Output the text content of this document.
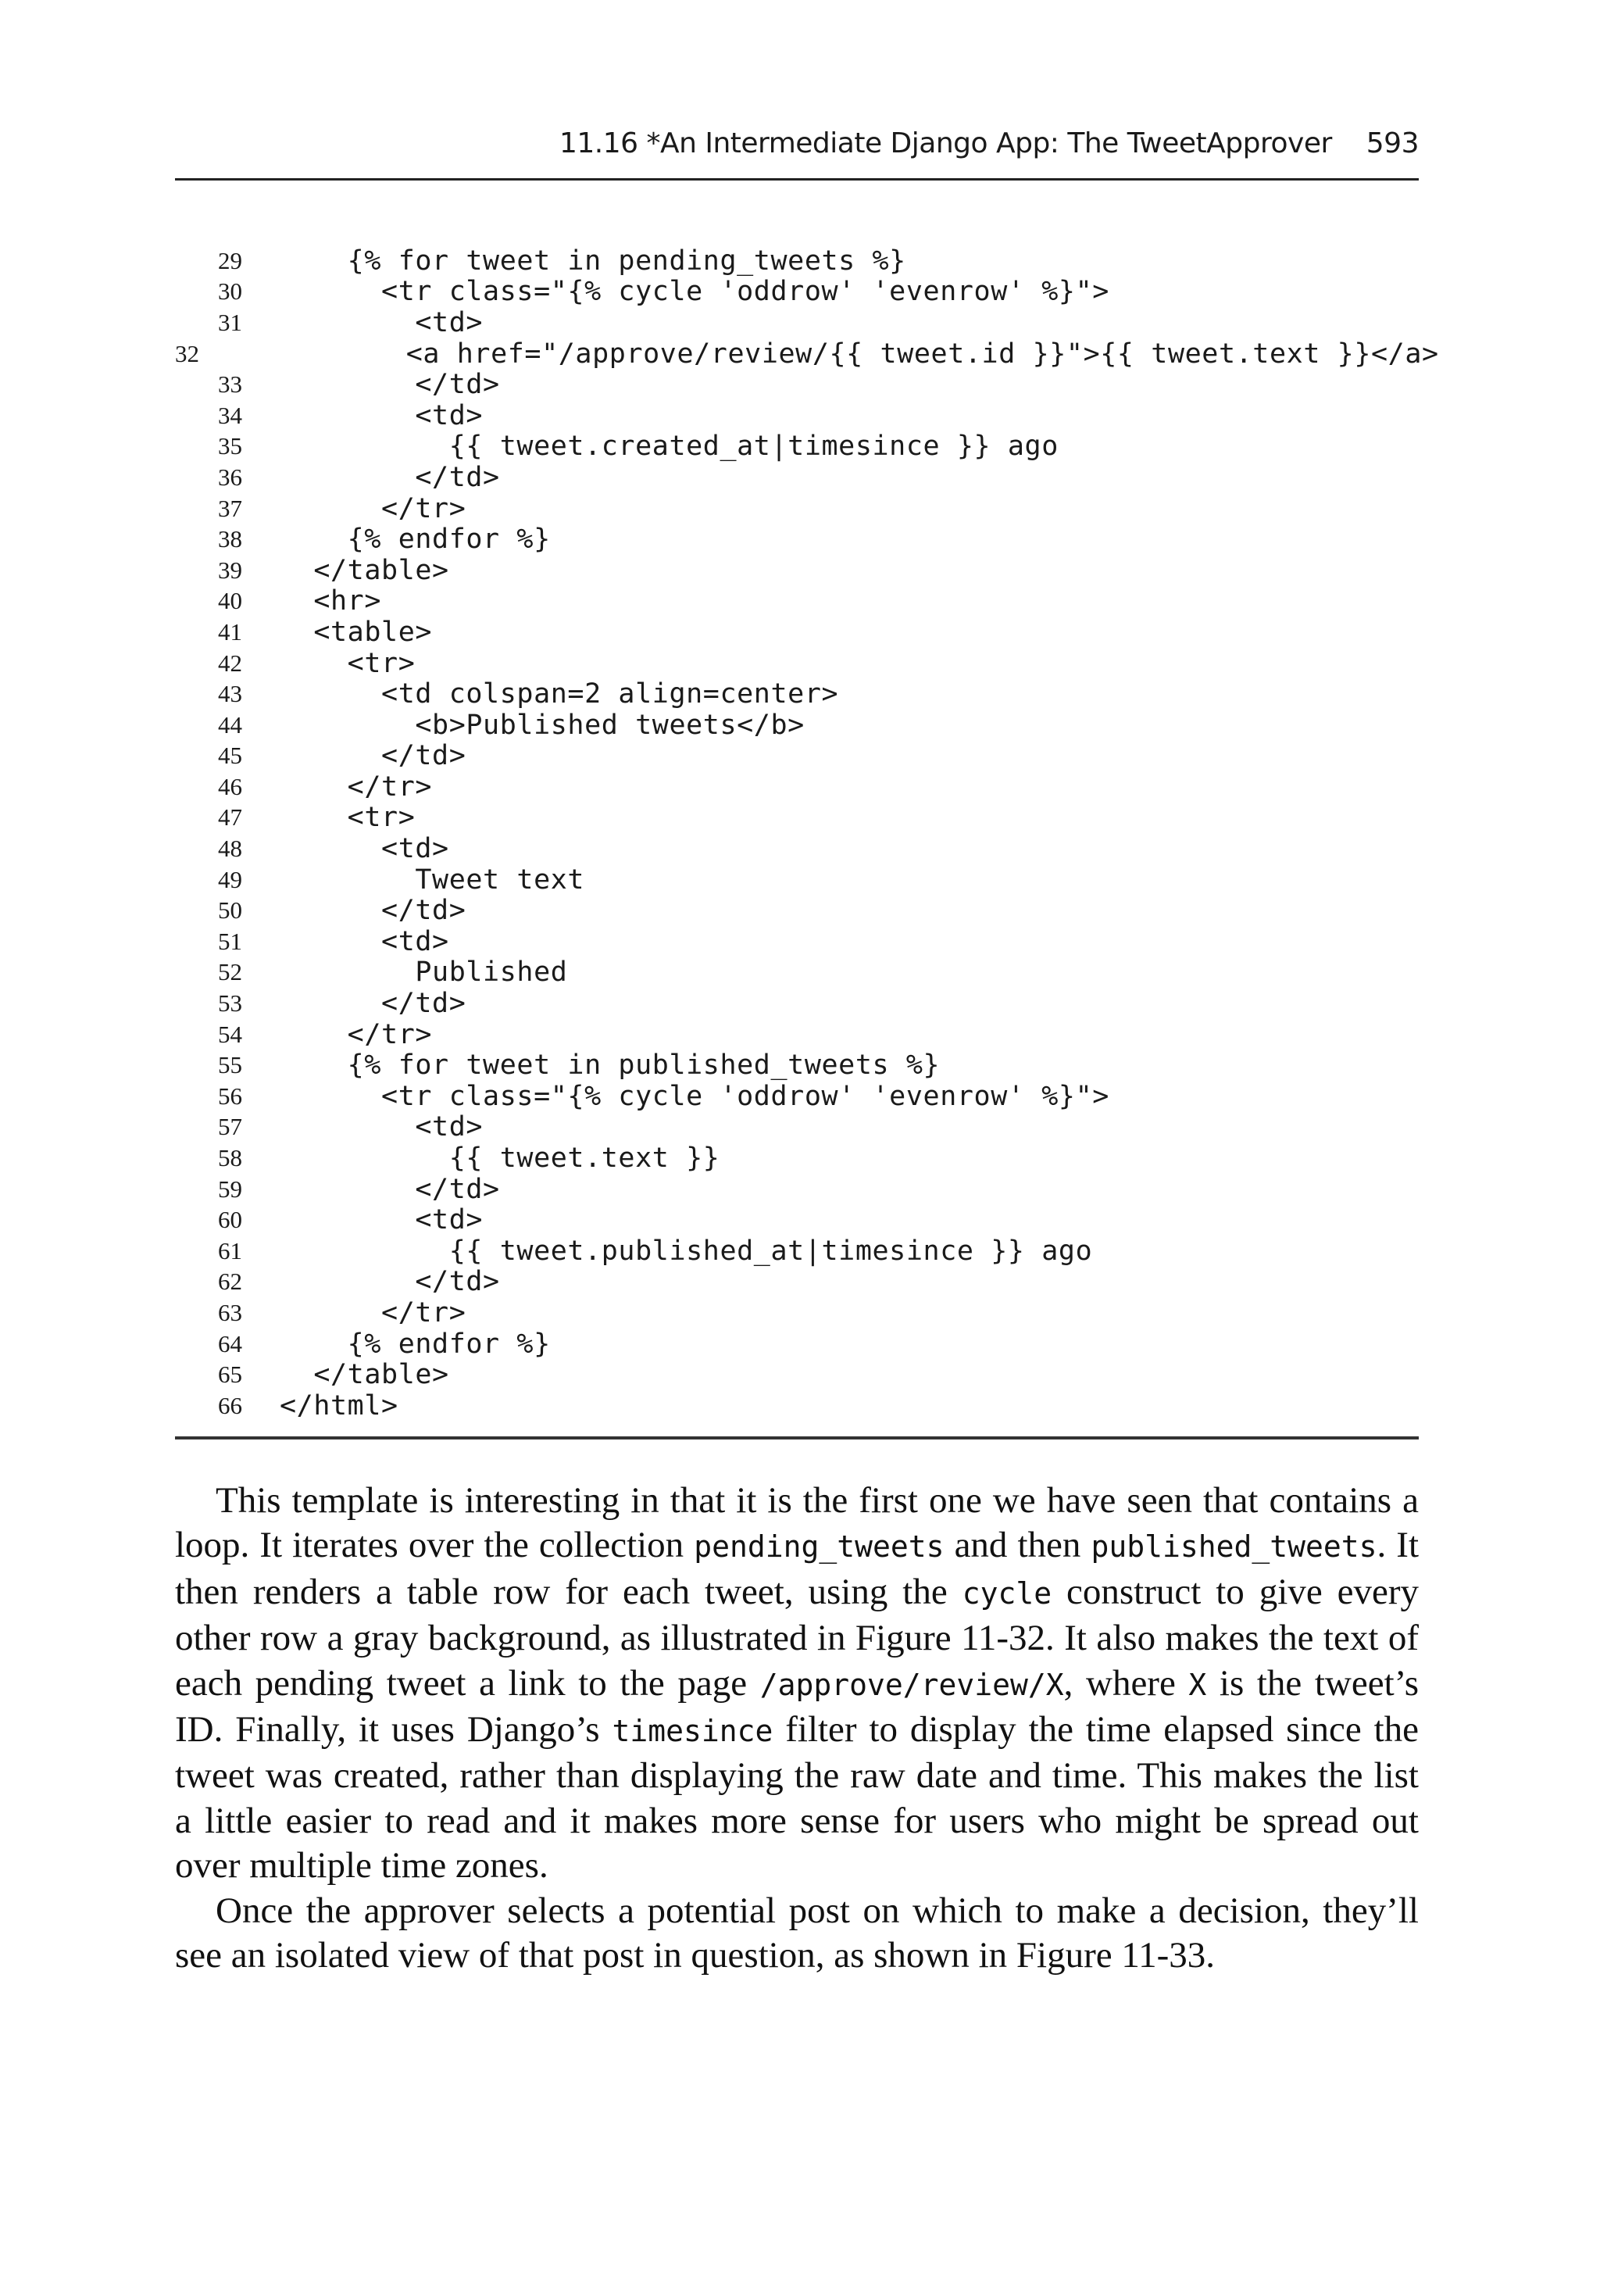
11.16 *An Intermediate Django App: The TweetApprover 593
29 {% for tweet in pending_tweets %}
30 <tr class="{% cycle 'oddrow' 'evenrow' %}">
31 <td>
32 <a href="/approve/review/{{ tweet.id }}">{{ tweet.text }}</a>
33 </td>
34 <td>
35 {{ tweet.created_at|timesince }} ago
36 </td>
37 </tr>
38 {% endfor %}
39 </table>
40 <hr>
41 <table>
42 <tr>
43 <td colspan=2 align=center>
44 <b>Published tweets</b>
45 </td>
46 </tr>
47 <tr>
48 <td>
49 Tweet text
50 </td>
51 <td>
52 Published
53 </td>
54 </tr>
55 {% for tweet in published_tweets %}
56 <tr class="{% cycle 'oddrow' 'evenrow' %}">
57 <td>
58 {{ tweet.text }}
59 </td>
60 <td>
61 {{ tweet.published_at|timesince }} ago
62 </td>
63 </tr>
64 {% endfor %}
65 </table>
66 </html>

This template is interesting in that it is the first one we have seen that contains a loop. It iterates over the collection pending_tweets and then published_tweets. It then renders a table row for each tweet, using the cycle construct to give every other row a gray background, as illustrated in Figure 11-32. It also makes the text of each pending tweet a link to the page /approve/review/X, where X is the tweet’s ID. Finally, it uses Django’s timesince filter to display the time elapsed since the tweet was created, rather than displaying the raw date and time. This makes the list a little easier to read and it makes more sense for users who might be spread out over multiple time zones.

Once the approver selects a potential post on which to make a decision, they’ll see an isolated view of that post in question, as shown in Figure 11-33.
